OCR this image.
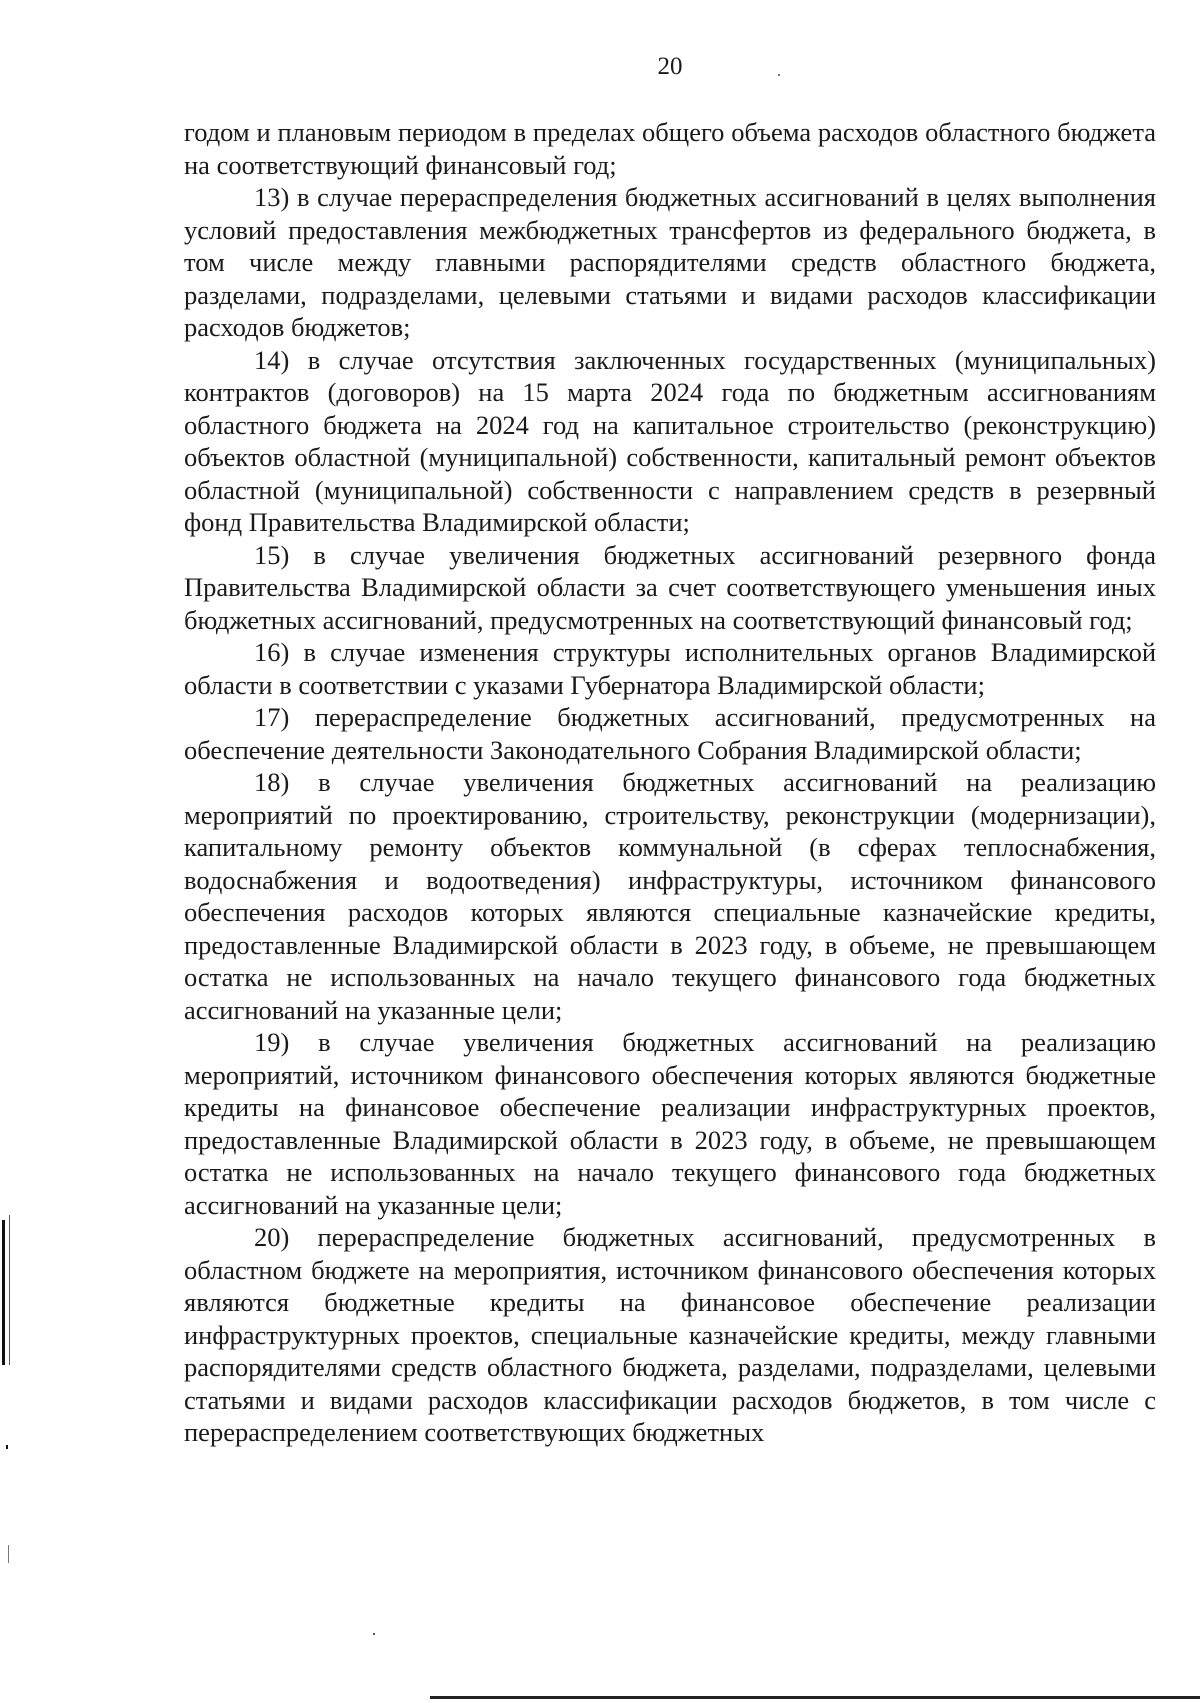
20

годом и плановым периодом в пределах общего объема расходов областного бюджета на соответствующий финансовый год;

13) в случае перераспределения бюджетных ассигнований в целях выполнения условий предоставления межбюджетных трансфертов из федерального бюджета, в том числе между главными распорядителями средств областного бюджета, разделами, подразделами, целевыми статьями и видами расходов классификации расходов бюджетов;

14) в случае отсутствия заключенных государственных (муниципальных) контрактов (договоров) на 15 марта 2024 года по бюджетным ассигнованиям областного бюджета на 2024 год на капитальное строительство (реконструкцию) объектов областной (муниципальной) собственности, капитальный ремонт объектов областной (муниципальной) собственности с направлением средств в резервный фонд Правительства Владимирской области;

15) в случае увеличения бюджетных ассигнований резервного фонда Правительства Владимирской области за счет соответствующего уменьшения иных бюджетных ассигнований, предусмотренных на соответствующий финансовый год;

16) в случае изменения структуры исполнительных органов Владимирской области в соответствии с указами Губернатора Владимирской области;

17) перераспределение бюджетных ассигнований, предусмотренных на обеспечение деятельности Законодательного Собрания Владимирской области;

18) в случае увеличения бюджетных ассигнований на реализацию мероприятий по проектированию, строительству, реконструкции (модернизации), капитальному ремонту объектов коммунальной (в сферах теплоснабжения, водоснабжения и водоотведения) инфраструктуры, источником финансового обеспечения расходов которых являются специальные казначейские кредиты, предоставленные Владимирской области в 2023 году, в объеме, не превышающем остатка не использованных на начало текущего финансового года бюджетных ассигнований на указанные цели;

19) в случае увеличения бюджетных ассигнований на реализацию мероприятий, источником финансового обеспечения которых являются бюджетные кредиты на финансовое обеспечение реализации инфраструктурных проектов, предоставленные Владимирской области в 2023 году, в объеме, не превышающем остатка не использованных на начало текущего финансового года бюджетных ассигнований на указанные цели;

20) перераспределение бюджетных ассигнований, предусмотренных в областном бюджете на мероприятия, источником финансового обеспечения которых являются бюджетные кредиты на финансовое обеспечение реализации инфраструктурных проектов, специальные казначейские кредиты, между главными распорядителями средств областного бюджета, разделами, подразделами, целевыми статьями и видами расходов классификации расходов бюджетов, в том числе с перераспределением соответствующих бюджетных
